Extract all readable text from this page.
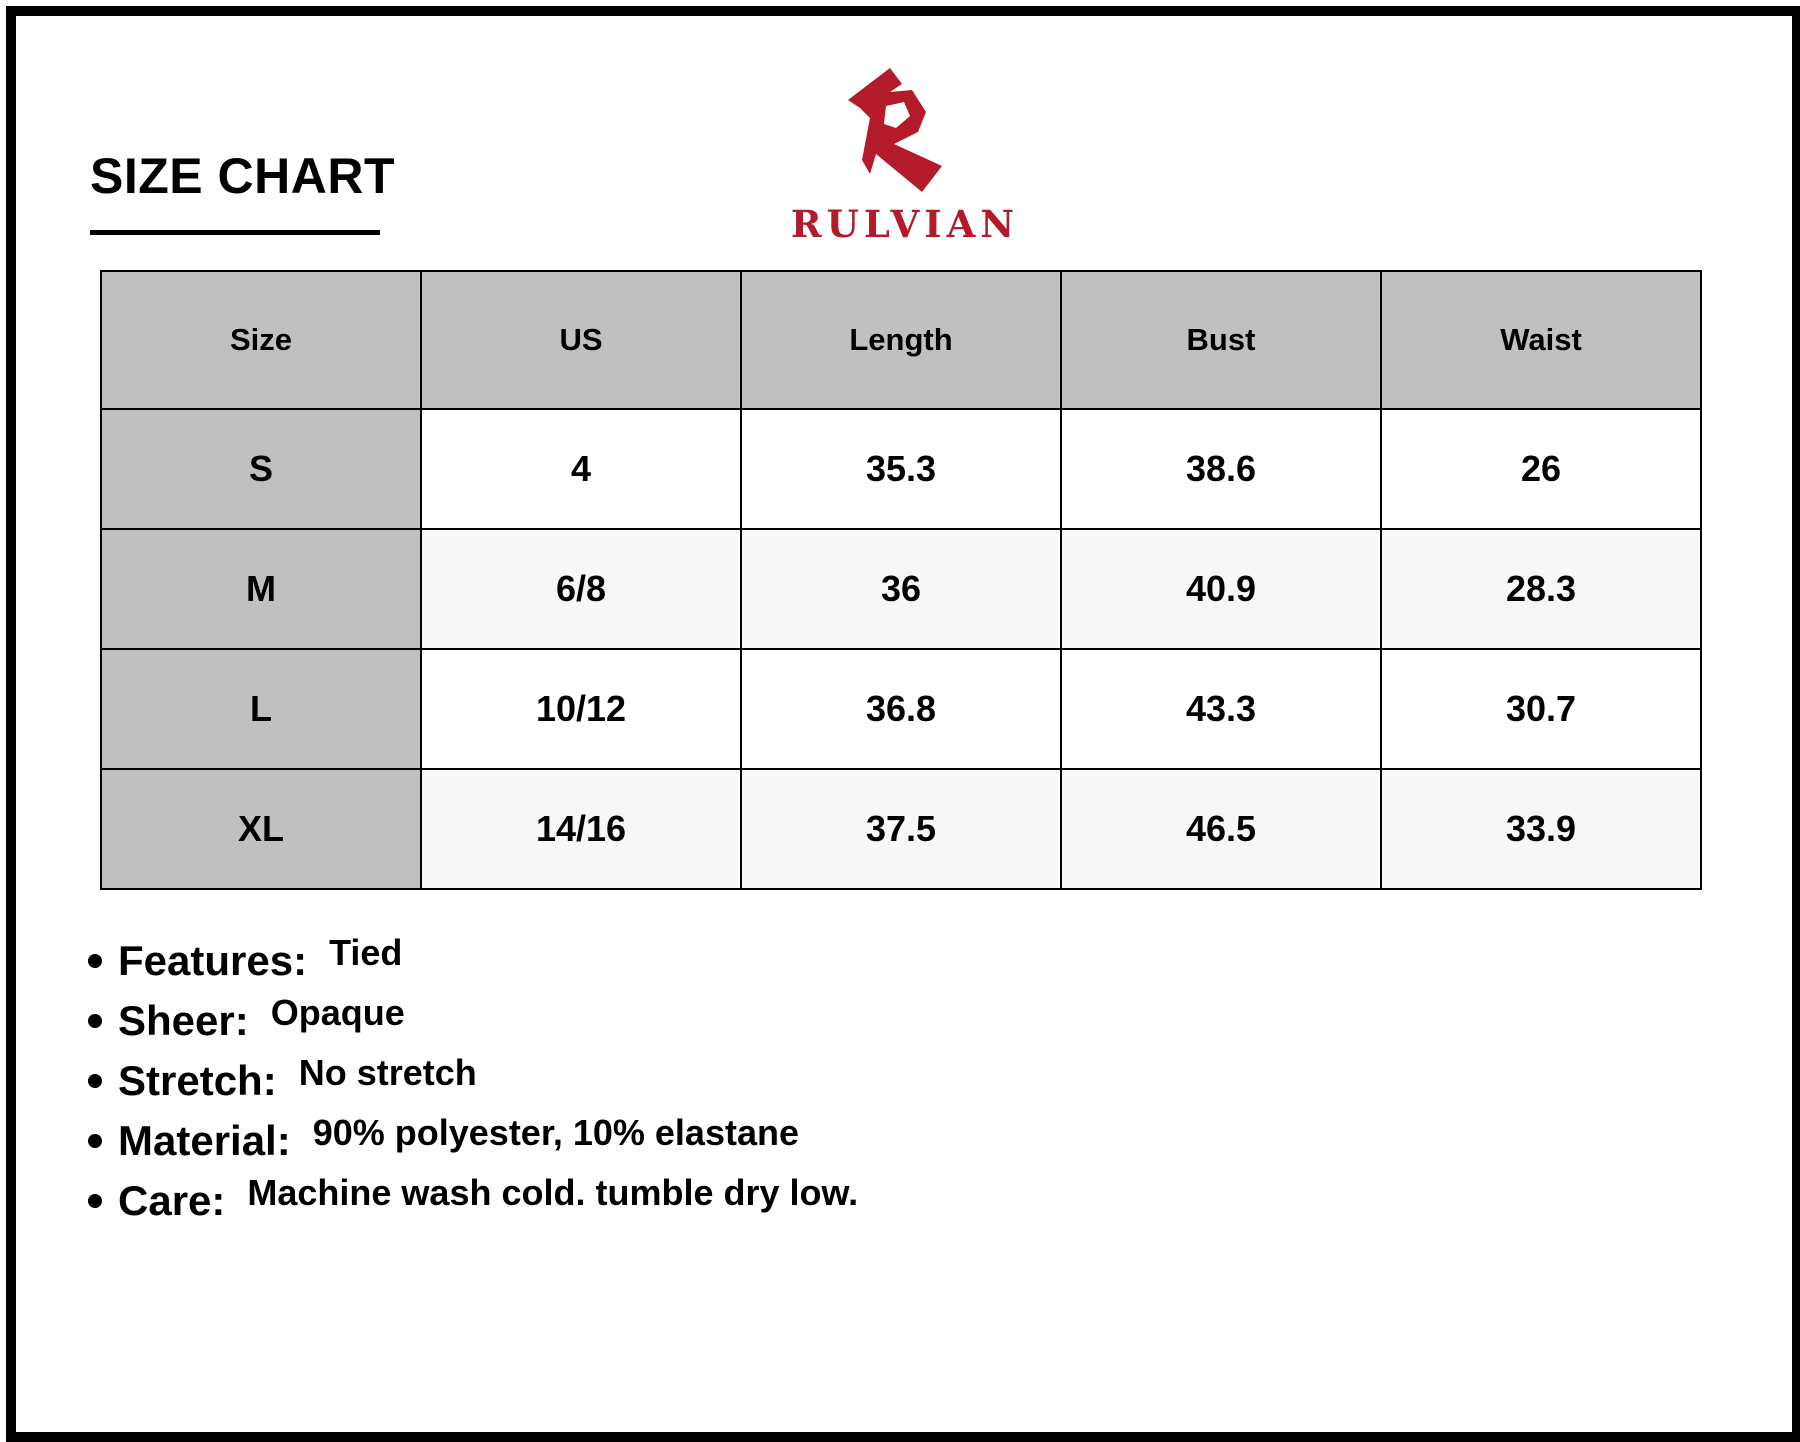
SIZE CHART
RULVIAN
Size	US	Length	Bust	Waist
S	4	35.3	38.6	26
M	6/8	36	40.9	28.3
L	10/12	36.8	43.3	30.7
XL	14/16	37.5	46.5	33.9
Features: Tied
Sheer: Opaque
Stretch: No stretch
Material: 90% polyester, 10% elastane
Care: Machine wash cold. tumble dry low.
